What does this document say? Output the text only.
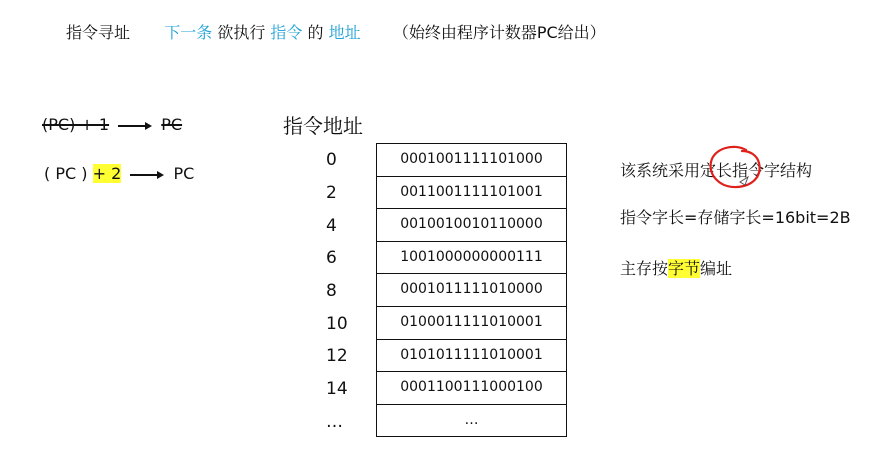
指令寻址 下一条 欲执行 指令 的 地址 （始终由程序计数器PC给出）
(PC) + 1	PC
( PC ) + 2	PC
指令地址
0
2
4
6
8
10
12
14
…
0001001111101000
0011001111101001
0010010010110000
1001000000000111
0001011111010000
0100011111010001
0101011111010001
0001100111000100
…
该系统采用定长指令字结构
指令字长=存储字长=16bit=2B
主存按字节编址
